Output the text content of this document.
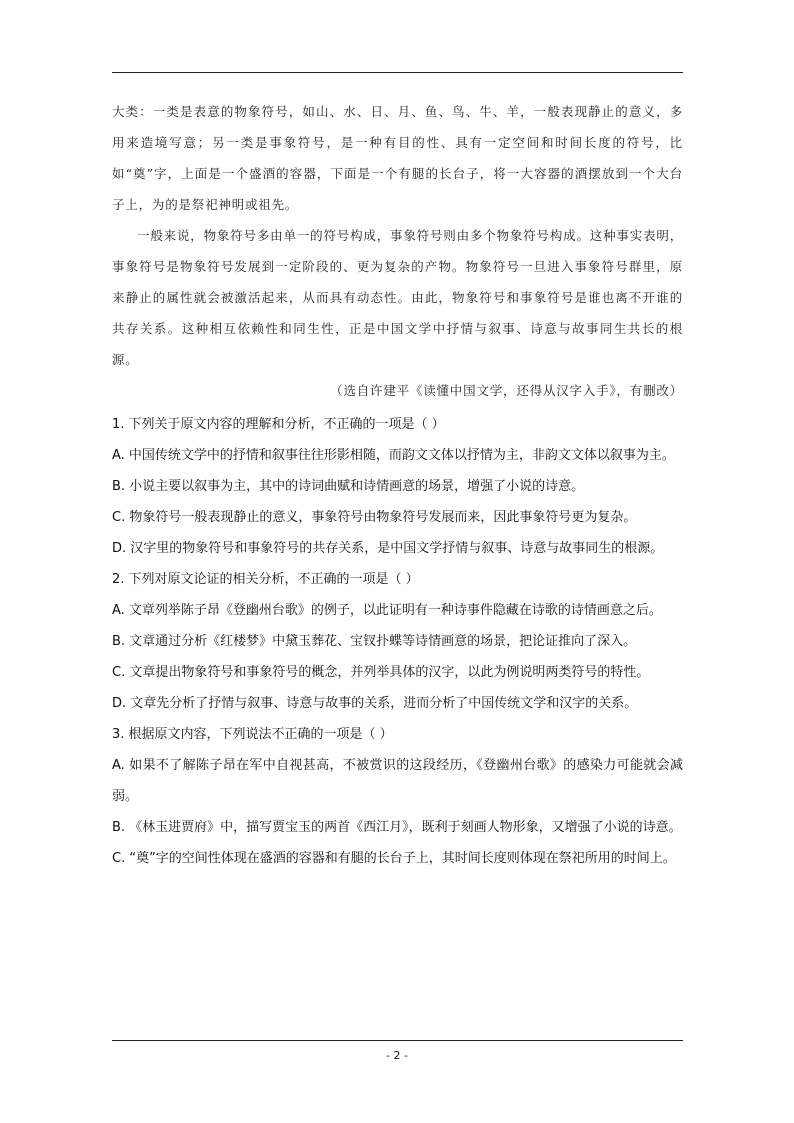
大类：一类是表意的物象符号，如山、水、日、月、鱼、鸟、牛、羊，一般表现静止的意义，多用来造境写意；另一类是事象符号，是一种有目的性、具有一定空间和时间长度的符号，比如“奠”字，上面是一个盛酒的容器，下面是一个有腿的长台子，将一大容器的酒摆放到一个大台子上，为的是祭祀神明或祖先。

一般来说，物象符号多由单一的符号构成，事象符号则由多个物象符号构成。这种事实表明，事象符号是物象符号发展到一定阶段的、更为复杂的产物。物象符号一旦进入事象符号群里，原来静止的属性就会被激活起来，从而具有动态性。由此，物象符号和事象符号是谁也离不开谁的共存关系。这种相互依赖性和同生性，正是中国文学中抒情与叙事、诗意与故事同生共长的根源。

（选自许建平《读懂中国文学，还得从汉字入手》，有删改）

1. 下列关于原文内容的理解和分析，不正确的一项是（ ）

A. 中国传统文学中的抒情和叙事往往形影相随，而韵文文体以抒情为主，非韵文文体以叙事为主。

B. 小说主要以叙事为主，其中的诗词曲赋和诗情画意的场景，增强了小说的诗意。

C. 物象符号一般表现静止的意义，事象符号由物象符号发展而来，因此事象符号更为复杂。

D. 汉字里的物象符号和事象符号的共存关系，是中国文学抒情与叙事、诗意与故事同生的根源。

2. 下列对原文论证的相关分析，不正确的一项是（ ）

A. 文章列举陈子昂《登幽州台歌》的例子，以此证明有一种诗事件隐藏在诗歌的诗情画意之后。

B. 文章通过分析《红楼梦》中黛玉葬花、宝钗扑蝶等诗情画意的场景，把论证推向了深入。

C. 文章提出物象符号和事象符号的概念，并列举具体的汉字，以此为例说明两类符号的特性。

D. 文章先分析了抒情与叙事、诗意与故事的关系，进而分析了中国传统文学和汉字的关系。

3. 根据原文内容，下列说法不正确的一项是（ ）

A. 如果不了解陈子昂在军中自视甚高，不被赏识的这段经历，《登幽州台歌》的感染力可能就会减弱。

B. 《林玉进贾府》中，描写贾宝玉的两首《西江月》，既利于刻画人物形象，又增强了小说的诗意。

C. “奠”字的空间性体现在盛酒的容器和有腿的长台子上，其时间长度则体现在祭祀所用的时间上。

- 2 -
